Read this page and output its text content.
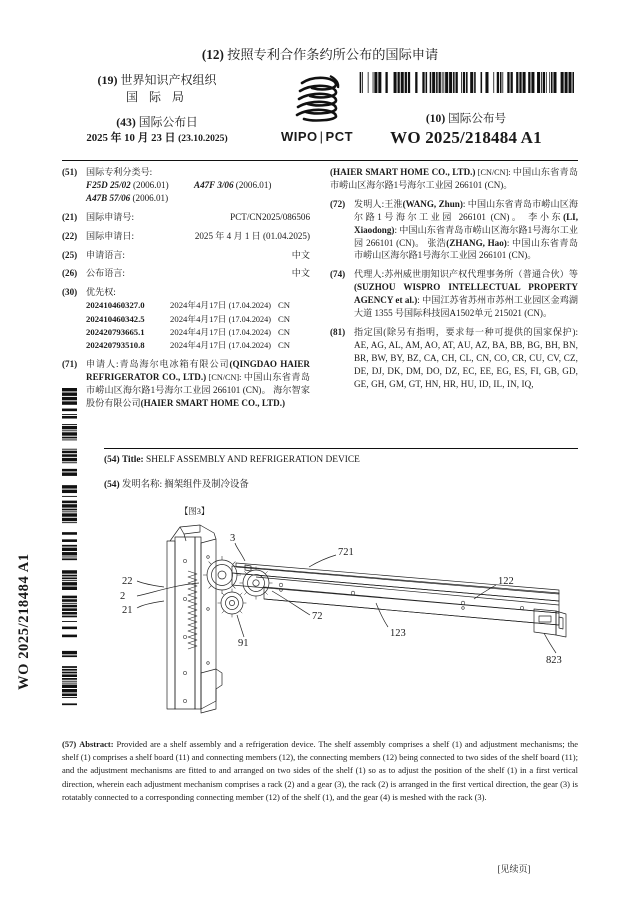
WO 2025/218484 A1
(12) 按照专利合作条约所公布的国际申请
(19) 世界知识产权组织
国 际 局
(43) 国际公布日
2025 年 10 月 23 日 (23.10.2025)	WIPO | PCT
(10) 国际公布号
WO 2025/218484 A1
(51) 国际专利分类号:
F25D 25/02 (2006.01)	A47F 3/06 (2006.01)
A47B 57/06 (2006.01)
(21) 国际申请号:	PCT/CN2025/086506
(22) 国际申请日:	2025 年 4 月 1 日 (01.04.2025)
(25) 申请语言:	中文
(26) 公布语言:	中文
(30) 优先权:
202410460327.0	2024年4月17日 (17.04.2024) CN
202410460342.5	2024年4月17日 (17.04.2024) CN
202420793665.1	2024年4月17日 (17.04.2024) CN
202420793510.8	2024年4月17日 (17.04.2024) CN
(71) 申请人:青岛海尔电冰箱有限公司(QINGDAO HAIER REFRIGERATOR CO., LTD.) [CN/CN]: 中国山东省青岛市崂山区海尔路1号海尔工业园 266101 (CN)。 海尔智家股份有限公司(HAIER SMART HOME CO., LTD.)
(HAIER SMART HOME CO., LTD.) [CN/CN]: 中国山东省青岛市崂山区海尔路1号海尔工业园 266101 (CN)。
(72) 发明人:王淮(WANG, Zhun): 中国山东省青岛市崂山区海尔路1号海尔工业园 266101 (CN)。 李小东(LI, Xiaodong): 中国山东省青岛市崂山区海尔路1号海尔工业园 266101 (CN)。 张浩(ZHANG, Hao): 中国山东省青岛市崂山区海尔路1号海尔工业园 266101 (CN)。
(74) 代理人:苏州威世朋知识产权代理事务所（普通合伙）等 (SUZHOU WISPRO INTELLECTUAL PROPERTY AGENCY et al.): 中国江苏省苏州市苏州工业园区金鸡湖大道 1355 号国际科技园A1502单元 215021 (CN)。
(81) 指定国(除另有指明，要求每一种可提供的国家保护): AE, AG, AL, AM, AO, AT, AU, AZ, BA, BB, BG, BH, BN, BR, BW, BY, BZ, CA, CH, CL, CN, CO, CR, CU, CV, CZ, DE, DJ, DK, DM, DO, DZ, EC, EE, EG, ES, FI, GB, GD, GE, GH, GM, GT, HN, HR, HU, ID, IL, IN, IQ,
(54) Title: SHELF ASSEMBLY AND REFRIGERATION DEVICE
(54) 发明名称: 搁架组件及制冷设备
【图3】
3
721
122
22
2
21
72
91
123
823
(57) Abstract: Provided are a shelf assembly and a refrigeration device. The shelf assembly comprises a shelf (1) and adjustment mechanisms; the shelf (1) comprises a shelf board (11) and connecting members (12), the connecting members (12) being connected to two sides of the shelf board (11); and the adjustment mechanisms are fitted to and arranged on two sides of the shelf (1) so as to adjust the position of the shelf (1) in a first vertical direction, wherein each adjustment mechanism comprises a rack (2) and a gear (3), the rack (2) is arranged in the first vertical direction, the gear (3) is rotatably connected to a corresponding connecting member (12) of the shelf (1), and the gear (4) is meshed with the rack (3).
[见续页]
